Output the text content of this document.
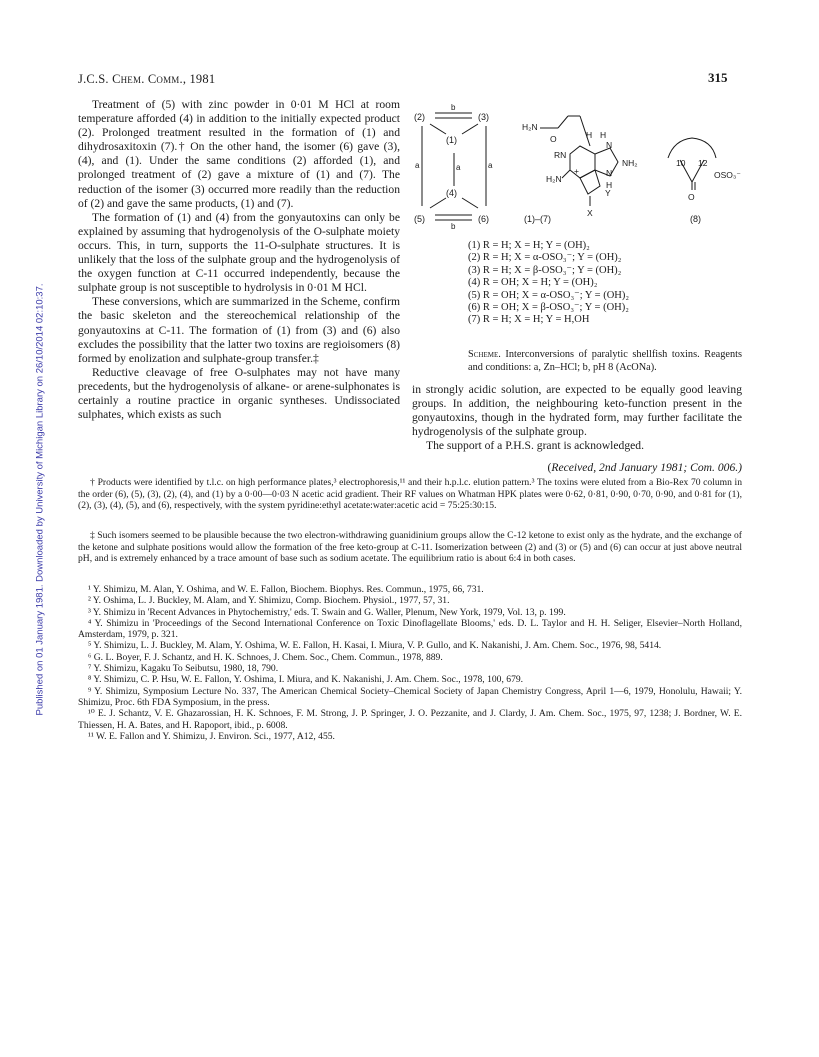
Published on 01 January 1981. Downloaded by University of Michigan Library on 26/10/2014 02:10:37.
J.C.S. Chem. Comm., 1981	315

Treatment of (5) with zinc powder in 0·01 M HCl at room temperature afforded (4) in addition to the initially expected product (2). Prolonged treatment resulted in the formation of (1) and dihydrosaxitoxin (7).† On the other hand, the isomer (6) gave (3), (4), and (1). Under the same conditions (2) afforded (1), and prolonged treatment of (2) gave a mixture of (1) and (7). The reduction of the isomer (3) occurred more readily than the reduction of (2) and gave the same products, (1) and (7).

The formation of (1) and (4) from the gonyautoxins can only be explained by assuming that hydrogenolysis of the O-sulphate moiety occurs. This, in turn, supports the 11-O-sulphate structures. It is unlikely that the loss of the sulphate group and the hydrogenolysis of the oxygen function at C-11 occurred independently, because the sulphate group is not susceptible to hydrolysis in 0·01 M HCl.

These conversions, which are summarized in the Scheme, confirm the basic skeleton and the stereochemical relationship of the gonyautoxins at C-11. The formation of (1) from (3) and (6) also excludes the possibility that the latter two toxins are regioisomers (8) formed by enolization and sulphate-group transfer.‡

Reductive cleavage of free O-sulphates may not have many precedents, but the hydrogenolysis of alkane- or arene-sulphonates is certainly a routine practice in organic syntheses. Undissociated sulphates, which exists as such

(2)	(3)
(1)
(4)
(5)	(6)
b
b
a	a
a
(1)–(7)	(8)
H₂N
O	H H
RN
N
NH₂
H₂N
+	N
H
Y
X
10 12
O
OSO₃⁻
(1) R = H; X = H; Y = (OH)₂
(2) R = H; X = α-OSO₃⁻; Y = (OH)₂
(3) R = H; X = β-OSO₃⁻; Y = (OH)₂
(4) R = OH; X = H; Y = (OH)₂
(5) R = OH; X = α-OSO₃⁻; Y = (OH)₂
(6) R = OH; X = β-OSO₃⁻; Y = (OH)₂
(7) R = H; X = H; Y = H,OH
Scheme. Interconversions of paralytic shellfish toxins. Reagents and conditions: a, Zn–HCl; b, pH 8 (AcONa).

in strongly acidic solution, are expected to be equally good leaving groups. In addition, the neighbouring keto-function present in the gonyautoxins, though in the hydrated form, may further facilitate the hydrogenolysis of the sulphate group.

The support of a P.H.S. grant is acknowledged.

(Received, 2nd January 1981; Com. 006.)
† Products were identified by t.l.c. on high performance plates,³ electrophoresis,¹¹ and their h.p.l.c. elution pattern.³ The toxins were eluted from a Bio-Rex 70 column in the order (6), (5), (3), (2), (4), and (1) by a 0·00—0·03 N acetic acid gradient. Their RF values on Whatman HPK plates were 0·62, 0·81, 0·90, 0·70, 0·90, and 0·81 for (1), (2), (3), (4), (5), and (6), respectively, with the system pyridine:ethyl acetate:water:acetic acid = 75:25:30:15.
‡ Such isomers seemed to be plausible because the two electron-withdrawing guanidinium groups allow the C-12 ketone to exist only as the hydrate, and the exchange of the ketone and sulphate positions would allow the formation of the free keto-group at C-11. Isomerization between (2) and (3) or (5) and (6) can occur at just above neutral pH, and is extremely enhanced by a trace amount of base such as sodium acetate. The equilibrium ratio is about 6:4 in both cases.
¹ Y. Shimizu, M. Alan, Y. Oshima, and W. E. Fallon, Biochem. Biophys. Res. Commun., 1975, 66, 731.
² Y. Oshima, L. J. Buckley, M. Alam, and Y. Shimizu, Comp. Biochem. Physiol., 1977, 57, 31.
³ Y. Shimizu in 'Recent Advances in Phytochemistry,' eds. T. Swain and G. Waller, Plenum, New York, 1979, Vol. 13, p. 199.
⁴ Y. Shimizu in 'Proceedings of the Second International Conference on Toxic Dinoflagellate Blooms,' eds. D. L. Taylor and H. H. Seliger, Elsevier–North Holland, Amsterdam, 1979, p. 321.
⁵ Y. Shimizu, L. J. Buckley, M. Alam, Y. Oshima, W. E. Fallon, H. Kasai, I. Miura, V. P. Gullo, and K. Nakanishi, J. Am. Chem. Soc., 1976, 98, 5414.
⁶ G. L. Boyer, F. J. Schantz, and H. K. Schnoes, J. Chem. Soc., Chem. Commun., 1978, 889.
⁷ Y. Shimizu, Kagaku To Seibutsu, 1980, 18, 790.
⁸ Y. Shimizu, C. P. Hsu, W. E. Fallon, Y. Oshima, I. Miura, and K. Nakanishi, J. Am. Chem. Soc., 1978, 100, 679.
⁹ Y. Shimizu, Symposium Lecture No. 337, The American Chemical Society–Chemical Society of Japan Chemistry Congress, April 1—6, 1979, Honolulu, Hawaii; Y. Shimizu, Proc. 6th FDA Symposium, in the press.
¹⁰ E. J. Schantz, V. E. Ghazarossian, H. K. Schnoes, F. M. Strong, J. P. Springer, J. O. Pezzanite, and J. Clardy, J. Am. Chem. Soc., 1975, 97, 1238; J. Bordner, W. E. Thiessen, H. A. Bates, and H. Rapoport, ibid., p. 6008.
¹¹ W. E. Fallon and Y. Shimizu, J. Environ. Sci., 1977, A12, 455.
